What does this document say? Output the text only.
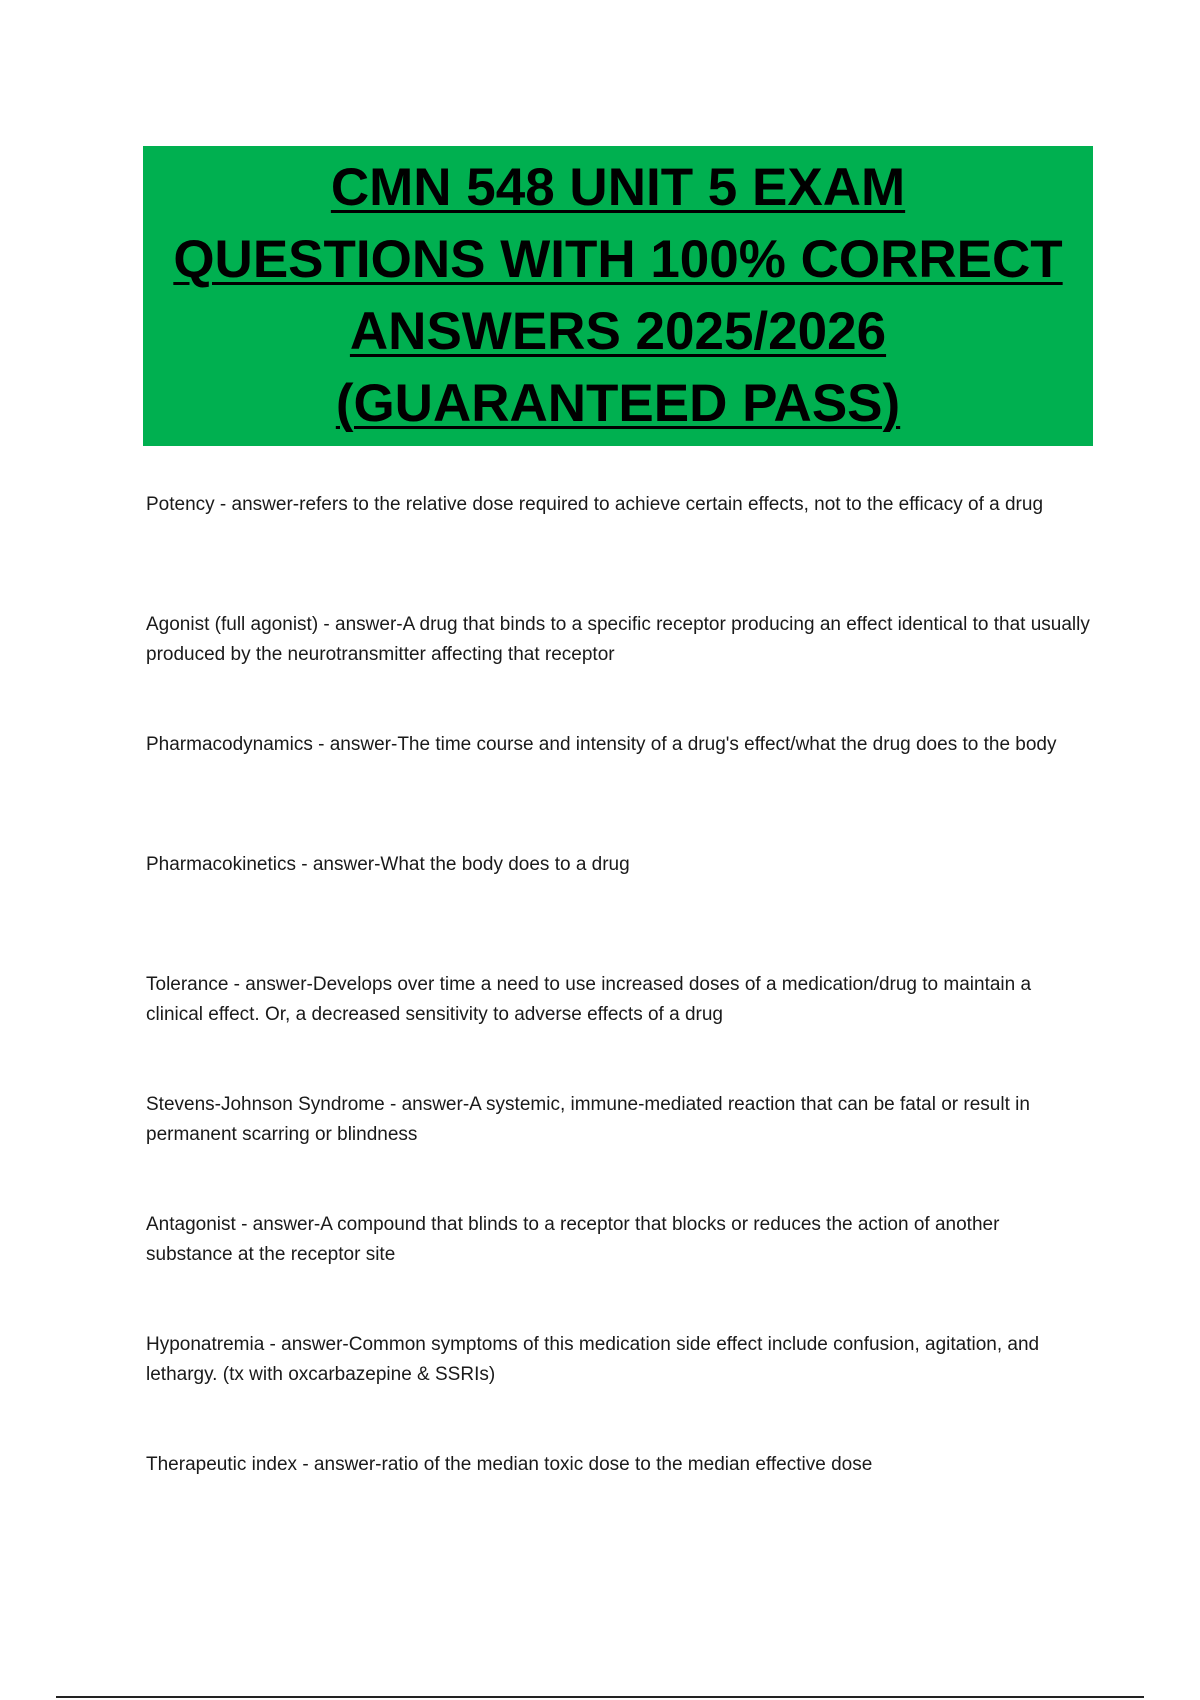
CMN 548 UNIT 5 EXAM
QUESTIONS WITH 100% CORRECT
ANSWERS 2025/2026
(GUARANTEED PASS)
Potency - answer-refers to the relative dose required to achieve certain effects, not to the efficacy of a drug
Agonist (full agonist) - answer-A drug that binds to a specific receptor producing an effect identical to that usually produced by the neurotransmitter affecting that receptor
Pharmacodynamics - answer-The time course and intensity of a drug's effect/what the drug does to the body
Pharmacokinetics - answer-What the body does to a drug
Tolerance - answer-Develops over time a need to use increased doses of a medication/drug to maintain a clinical effect. Or, a decreased sensitivity to adverse effects of a drug
Stevens-Johnson Syndrome - answer-A systemic, immune-mediated reaction that can be fatal or result in permanent scarring or blindness
Antagonist - answer-A compound that blinds to a receptor that blocks or reduces the action of another substance at the receptor site
Hyponatremia - answer-Common symptoms of this medication side effect include confusion, agitation, and lethargy. (tx with oxcarbazepine & SSRIs)
Therapeutic index - answer-ratio of the median toxic dose to the median effective dose
